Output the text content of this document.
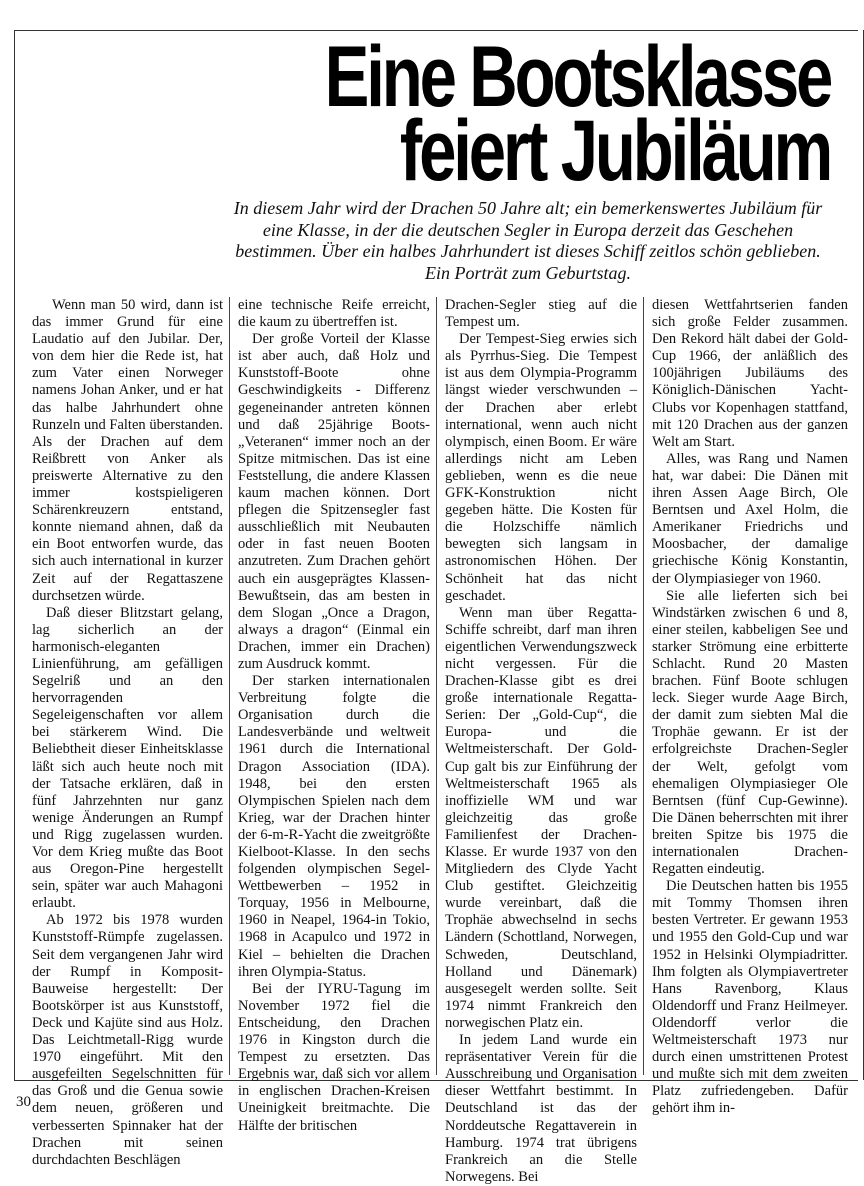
Eine Bootsklasse
feiert Jubiläum

In diesem Jahr wird der Drachen 50 Jahre alt; ein bemerkenswertes Jubiläum für eine Klasse, in der die deutschen Segler in Europa derzeit das Geschehen bestimmen. Über ein halbes Jahrhundert ist dieses Schiff zeitlos schön geblieben. Ein Porträt zum Geburtstag.

Wenn man 50 wird, dann ist das immer Grund für eine Laudatio auf den Jubilar. Der, von dem hier die Rede ist, hat zum Vater einen Norweger namens Johan Anker, und er hat das halbe Jahrhundert ohne Runzeln und Falten überstanden. Als der Drachen auf dem Reißbrett von Anker als preiswerte Alternative zu den immer kostspieligeren Schärenkreuzern entstand, konnte niemand ahnen, daß da ein Boot entworfen wurde, das sich auch international in kurzer Zeit auf der Regattaszene durchsetzen würde.

Daß dieser Blitzstart gelang, lag sicherlich an der harmonisch-eleganten Linienführung, am gefälligen Segelriß und an den hervorragenden Segeleigenschaften vor allem bei stärkerem Wind. Die Beliebtheit dieser Einheitsklasse läßt sich auch heute noch mit der Tatsache erklären, daß in fünf Jahrzehnten nur ganz wenige Änderungen an Rumpf und Rigg zugelassen wurden. Vor dem Krieg mußte das Boot aus Oregon-Pine hergestellt sein, später war auch Mahagoni erlaubt.

Ab 1972 bis 1978 wurden Kunststoff-Rümpfe zugelassen. Seit dem vergangenen Jahr wird der Rumpf in Komposit-Bauweise hergestellt: Der Bootskörper ist aus Kunststoff, Deck und Kajüte sind aus Holz. Das Leichtmetall-Rigg wurde 1970 eingeführt. Mit den ausgefeilten Segelschnitten für das Groß und die Genua sowie dem neuen, größeren und verbesserten Spinnaker hat der Drachen mit seinen durchdachten Beschlägen

eine technische Reife erreicht, die kaum zu übertreffen ist.

Der große Vorteil der Klasse ist aber auch, daß Holz und Kunststoff-Boote ohne Geschwindigkeits - Differenz gegeneinander antreten können und daß 25jährige Boots-„Veteranen“ immer noch an der Spitze mitmischen. Das ist eine Feststellung, die andere Klassen kaum machen können. Dort pflegen die Spitzensegler fast ausschließlich mit Neubauten oder in fast neuen Booten anzutreten. Zum Drachen gehört auch ein ausgeprägtes Klassen-Bewußtsein, das am besten in dem Slogan „Once a Dragon, always a dragon“ (Einmal ein Drachen, immer ein Drachen) zum Ausdruck kommt.

Der starken internationalen Verbreitung folgte die Organisation durch die Landesverbände und weltweit 1961 durch die International Dragon Association (IDA). 1948, bei den ersten Olympischen Spielen nach dem Krieg, war der Drachen hinter der 6-m-R-Yacht die zweitgrößte Kielboot-Klasse. In den sechs folgenden olympischen Segel-Wettbewerben – 1952 in Torquay, 1956 in Melbourne, 1960 in Neapel, 1964-in Tokio, 1968 in Acapulco und 1972 in Kiel – behielten die Drachen ihren Olympia-Status.

Bei der IYRU-Tagung im November 1972 fiel die Entscheidung, den Drachen 1976 in Kingston durch die Tempest zu ersetzten. Das Ergebnis war, daß sich vor allem in englischen Drachen-Kreisen Uneinigkeit breitmachte. Die Hälfte der britischen

Drachen-Segler stieg auf die Tempest um.

Der Tempest-Sieg erwies sich als Pyrrhus-Sieg. Die Tempest ist aus dem Olympia-Programm längst wieder verschwunden – der Drachen aber erlebt international, wenn auch nicht olympisch, einen Boom. Er wäre allerdings nicht am Leben geblieben, wenn es die neue GFK-Konstruktion nicht gegeben hätte. Die Kosten für die Holzschiffe nämlich bewegten sich langsam in astronomischen Höhen. Der Schönheit hat das nicht geschadet.

Wenn man über Regatta-Schiffe schreibt, darf man ihren eigentlichen Verwendungszweck nicht vergessen. Für die Drachen-Klasse gibt es drei große internationale Regatta-Serien: Der „Gold-Cup“, die Europa- und die Weltmeisterschaft. Der Gold-Cup galt bis zur Einführung der Weltmeisterschaft 1965 als inoffizielle WM und war gleichzeitig das große Familienfest der Drachen-Klasse. Er wurde 1937 von den Mitgliedern des Clyde Yacht Club gestiftet. Gleichzeitig wurde vereinbart, daß die Trophäe abwechselnd in sechs Ländern (Schottland, Norwegen, Schweden, Deutschland, Holland und Dänemark) ausgesegelt werden sollte. Seit 1974 nimmt Frankreich den norwegischen Platz ein.

In jedem Land wurde ein repräsentativer Verein für die Ausschreibung und Organisation dieser Wettfahrt bestimmt. In Deutschland ist das der Norddeutsche Regattaverein in Hamburg. 1974 trat übrigens Frankreich an die Stelle Norwegens. Bei

diesen Wettfahrtserien fanden sich große Felder zusammen. Den Rekord hält dabei der Gold-Cup 1966, der anläßlich des 100jährigen Jubiläums des Königlich-Dänischen Yacht-Clubs vor Kopenhagen stattfand, mit 120 Drachen aus der ganzen Welt am Start.

Alles, was Rang und Namen hat, war dabei: Die Dänen mit ihren Assen Aage Birch, Ole Berntsen und Axel Holm, die Amerikaner Friedrichs und Moosbacher, der damalige griechische König Konstantin, der Olympiasieger von 1960.

Sie alle lieferten sich bei Windstärken zwischen 6 und 8, einer steilen, kabbeligen See und starker Strömung eine erbitterte Schlacht. Rund 20 Masten brachen. Fünf Boote schlugen leck. Sieger wurde Aage Birch, der damit zum siebten Mal die Trophäe gewann. Er ist der erfolgreichste Drachen-Segler der Welt, gefolgt vom ehemaligen Olympiasieger Ole Berntsen (fünf Cup-Gewinne). Die Dänen beherrschten mit ihrer breiten Spitze bis 1975 die internationalen Drachen-Regatten eindeutig.

Die Deutschen hatten bis 1955 mit Tommy Thomsen ihren besten Vertreter. Er gewann 1953 und 1955 den Gold-Cup und war 1952 in Helsinki Olympiadritter. Ihm folgten als Olympiavertreter Hans Ravenborg, Klaus Oldendorff und Franz Heilmeyer. Oldendorff verlor die Weltmeisterschaft 1973 nur durch einen umstrittenen Protest und mußte sich mit dem zweiten Platz zufriedengeben. Dafür gehört ihm in-

30
